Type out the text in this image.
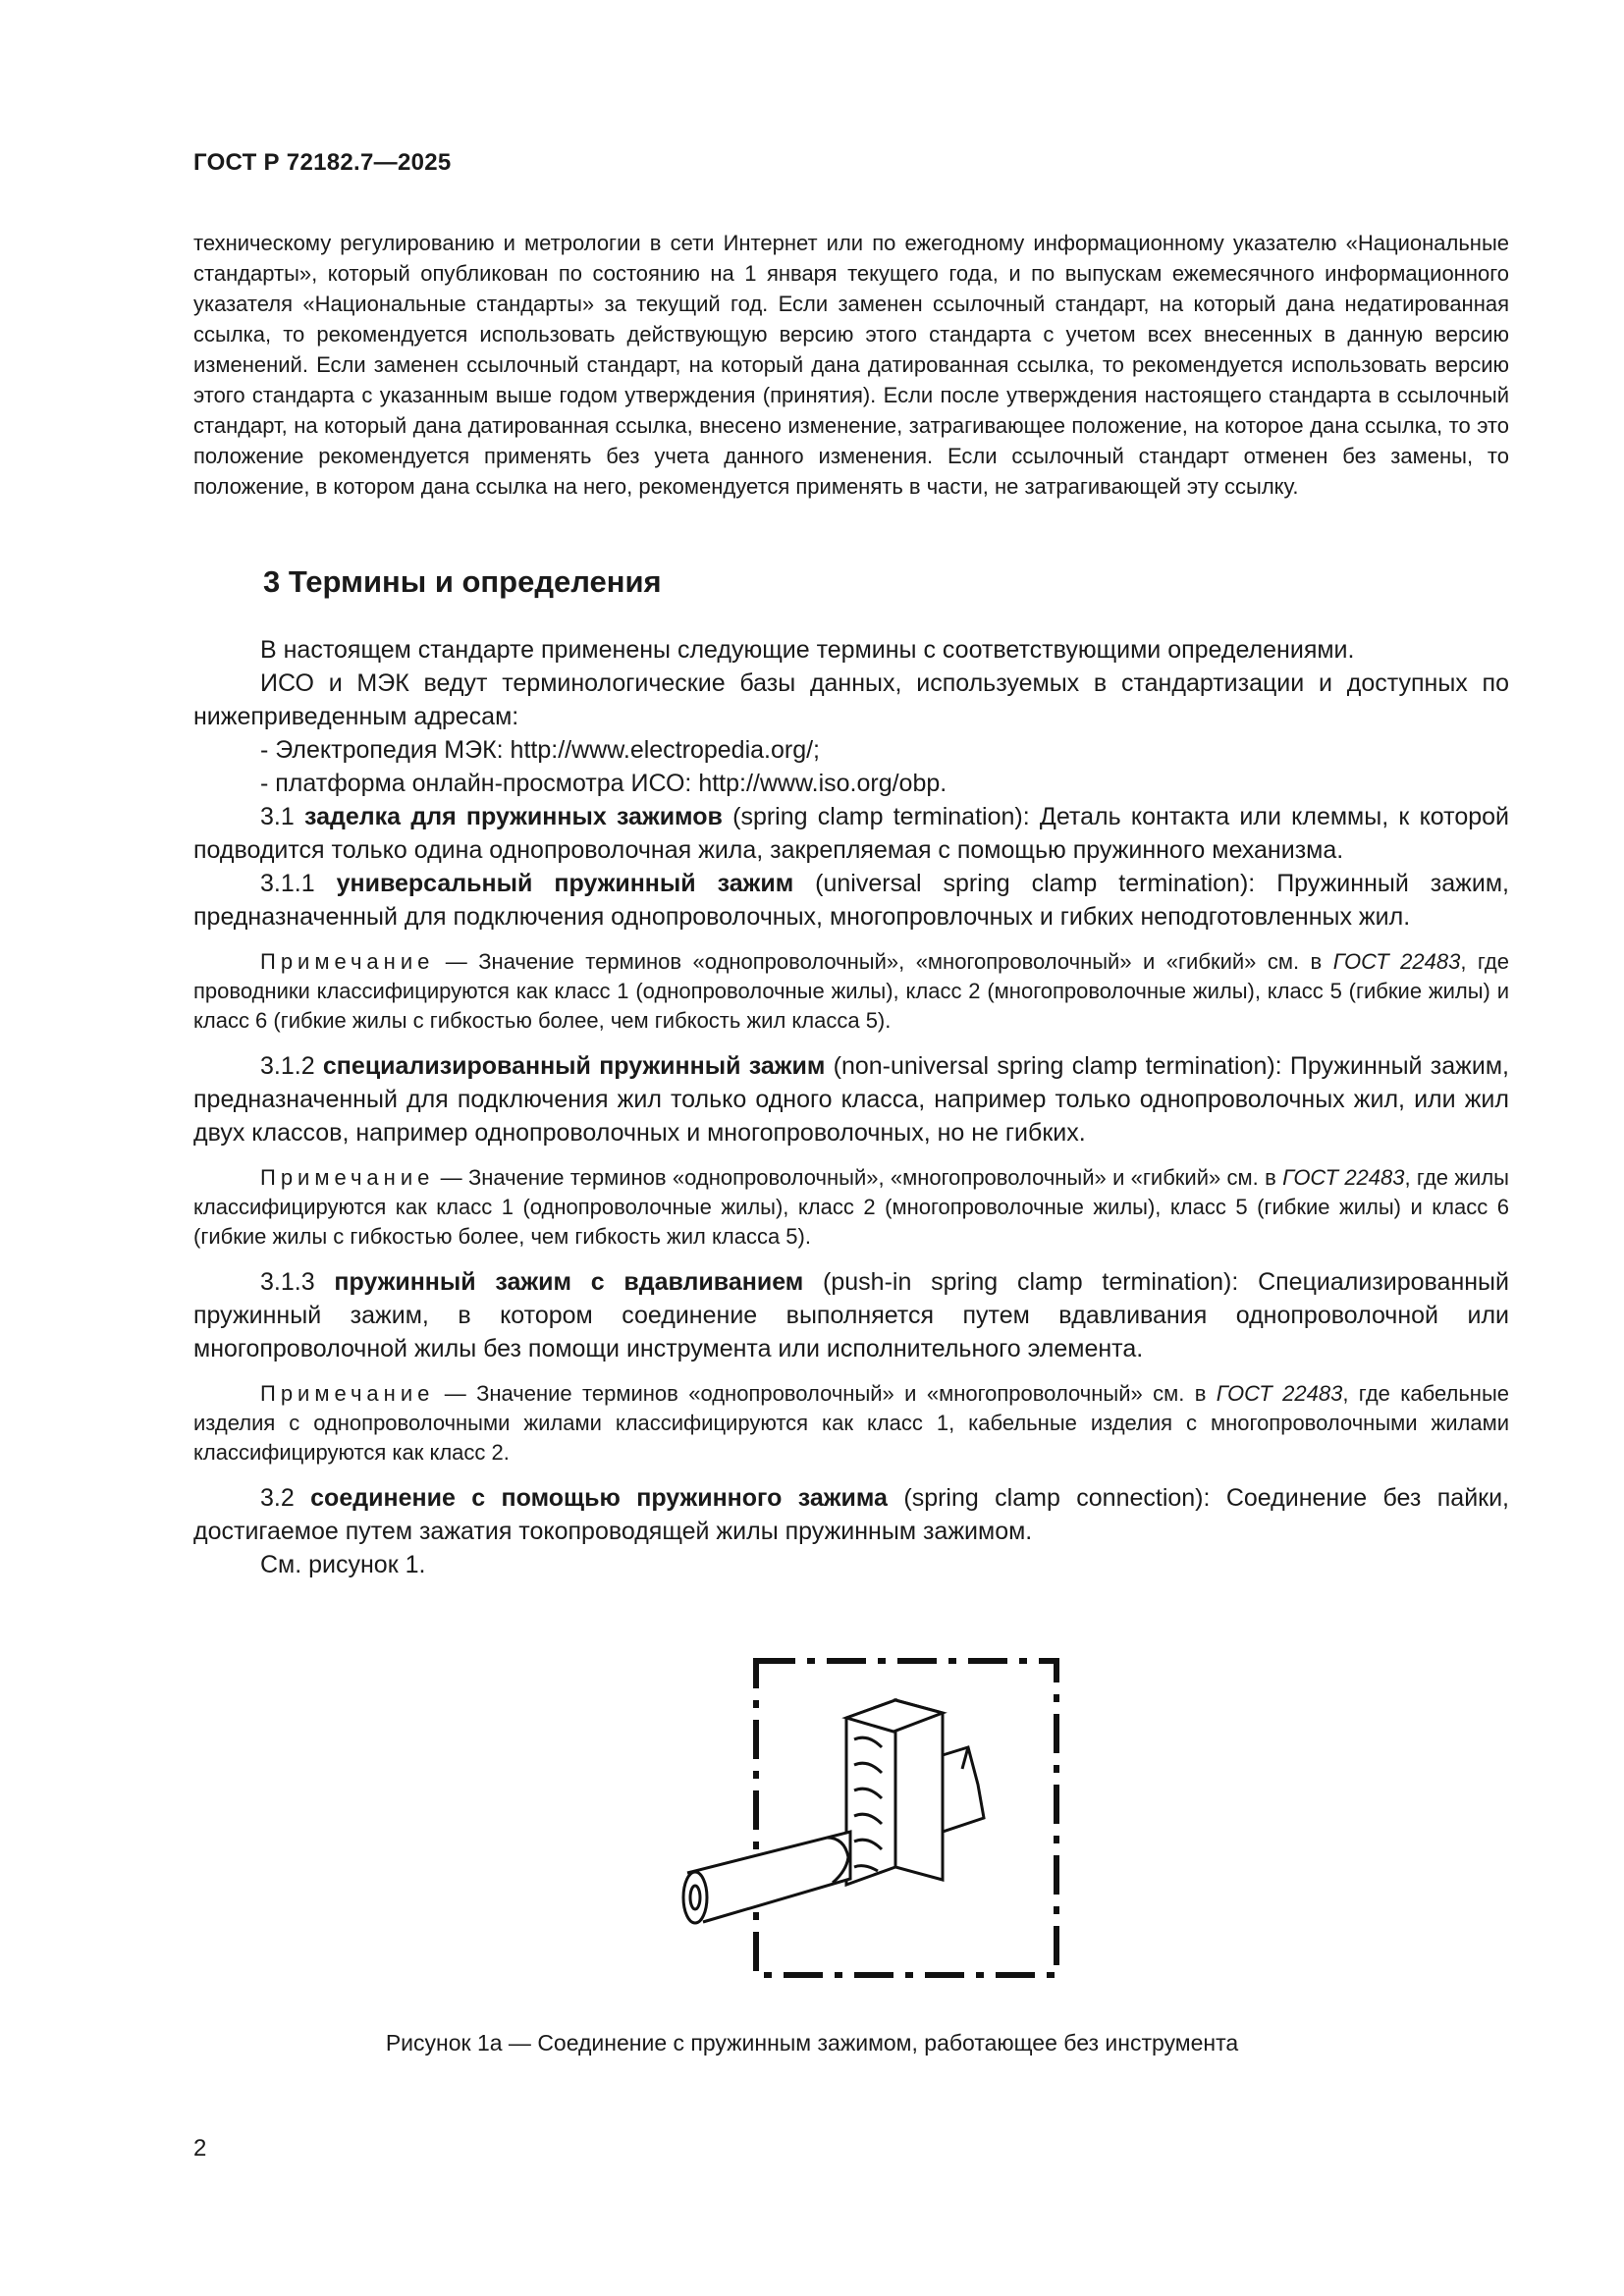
ГОСТ Р 72182.7—2025

техническому регулированию и метрологии в сети Интернет или по ежегодному информационному указателю «Национальные стандарты», который опубликован по состоянию на 1 января текущего года, и по выпускам ежемесячного информационного указателя «Национальные стандарты» за текущий год. Если заменен ссылочный стандарт, на который дана недатированная ссылка, то рекомендуется использовать действующую версию этого стандарта с учетом всех внесенных в данную версию изменений. Если заменен ссылочный стандарт, на который дана датированная ссылка, то рекомендуется использовать версию этого стандарта с указанным выше годом утверждения (принятия). Если после утверждения настоящего стандарта в ссылочный стандарт, на который дана датированная ссылка, внесено изменение, затрагивающее положение, на которое дана ссылка, то это положение рекомендуется применять без учета данного изменения. Если ссылочный стандарт отменен без замены, то положение, в котором дана ссылка на него, рекомендуется применять в части, не затрагивающей эту ссылку.

3 Термины и определения

В настоящем стандарте применены следующие термины с соответствующими определениями.

ИСО и МЭК ведут терминологические базы данных, используемых в стандартизации и доступных по нижеприведенным адресам:

- Электропедия МЭК: http://www.electropedia.org/;

- платформа онлайн-просмотра ИСО: http://www.iso.org/obp.

3.1 заделка для пружинных зажимов (spring clamp termination): Деталь контакта или клеммы, к которой подводится только одина однопроволочная жила, закрепляемая с помощью пружинного механизма.

3.1.1 универсальный пружинный зажим (universal spring clamp termination): Пружинный зажим, предназначенный для подключения однопроволочных, многопровлочных и гибких неподготовленных жил.

Примечание — Значение терминов «однопроволочный», «многопроволочный» и «гибкий» см. в ГОСТ 22483, где проводники классифицируются как класс 1 (однопроволочные жилы), класс 2 (многопроволочные жилы), класс 5 (гибкие жилы) и класс 6 (гибкие жилы с гибкостью более, чем гибкость жил класса 5).

3.1.2 специализированный пружинный зажим (non-universal spring clamp termination): Пружинный зажим, предназначенный для подключения жил только одного класса, например только однопроволочных жил, или жил двух классов, например однопроволочных и многопроволочных, но не гибких.

Примечание — Значение терминов «однопроволочный», «многопроволочный» и «гибкий» см. в ГОСТ 22483, где жилы классифицируются как класс 1 (однопроволочные жилы), класс 2 (многопроволочные жилы), класс 5 (гибкие жилы) и класс 6 (гибкие жилы с гибкостью более, чем гибкость жил класса 5).

3.1.3 пружинный зажим с вдавливанием (push-in spring clamp termination): Специализированный пружинный зажим, в котором соединение выполняется путем вдавливания однопроволочной или многопроволочной жилы без помощи инструмента или исполнительного элемента.

Примечание — Значение терминов «однопроволочный» и «многопроволочный» см. в ГОСТ 22483, где кабельные изделия с однопроволочными жилами классифицируются как класс 1, кабельные изделия с многопроволочными жилами классифицируются как класс 2.

3.2 соединение с помощью пружинного зажима (spring clamp connection): Соединение без пайки, достигаемое путем зажатия токопроводящей жилы пружинным зажимом.

См. рисунок 1.

Рисунок 1а — Соединение с пружинным зажимом, работающее без инструмента
2
